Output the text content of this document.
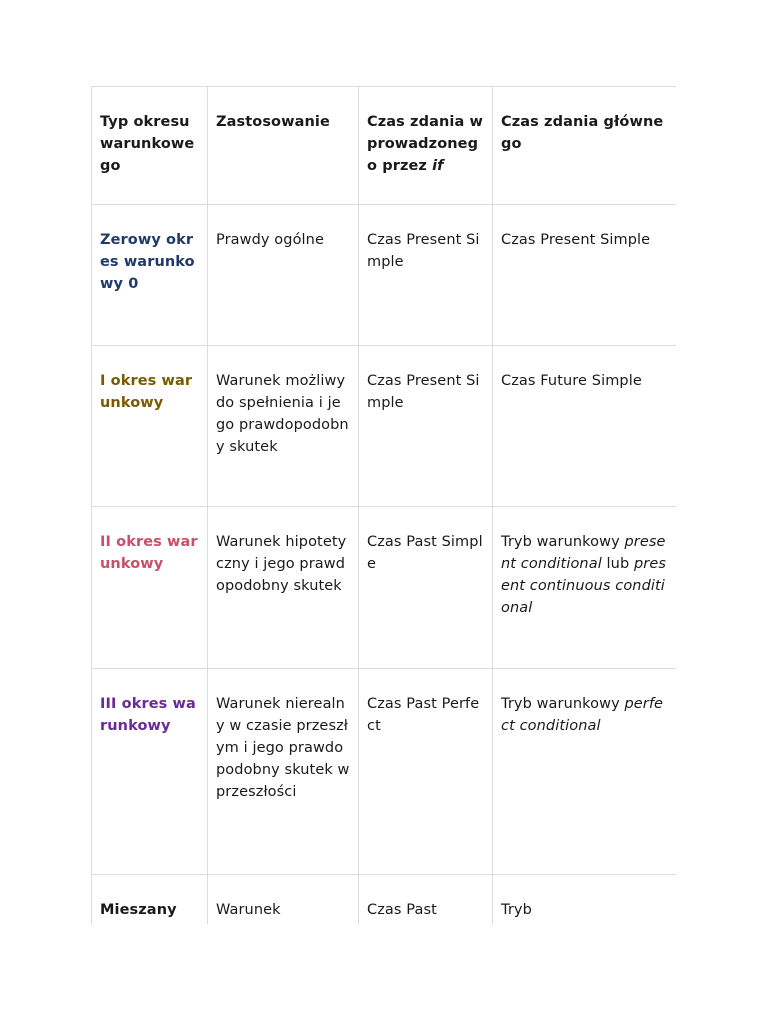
Typ okresu warunkowego	Zastosowanie	Czas zdania wprowadzonego przez if	Czas zdania głównego
Zerowy okres warunkowy 0	Prawdy ogólne	Czas Present Simple	Czas Present Simple
I okres warunkowy	Warunek możliwy do spełnienia i jego prawdopodobny skutek	Czas Present Simple	Czas Future Simple
II okres warunkowy	Warunek hipotetyczny i jego prawdopodobny skutek	Czas Past Simple	Tryb warunkowy present conditional lub present continuous conditional
III okres warunkowy	Warunek nierealny w czasie przeszłym i jego prawdopodobny skutek w przeszłości	Czas Past Perfect	Tryb warunkowy perfect conditional
Mieszany	Warunek	Czas Past	Tryb
